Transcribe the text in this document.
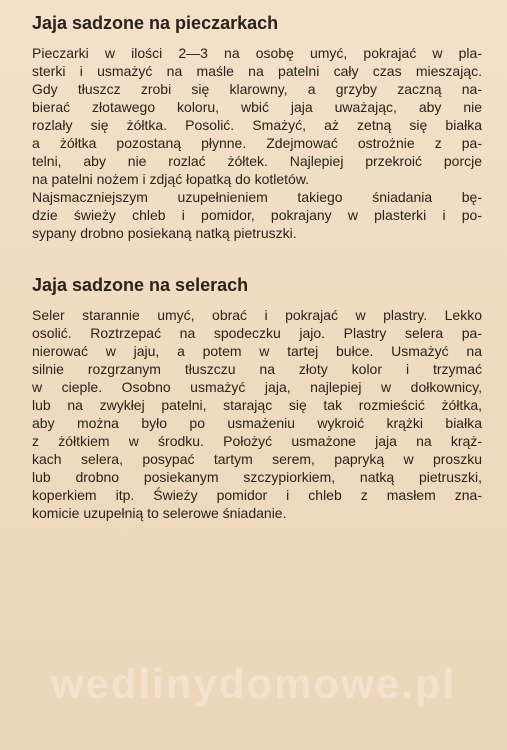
Jaja sadzone na pieczarkach
Pieczarki w ilości 2—3 na osobę umyć, pokrajać w pla-
sterki i usmażyć na maśle na patelni cały czas mieszając.
Gdy tłuszcz zrobi się klarowny, a grzyby zaczną na-
bierać złotawego koloru, wbić jaja uważając, aby nie
rozlały się żółtka. Posolić. Smażyć, aż zetną się białka
a żółtka pozostaną płynne. Zdejmować ostrożnie z pa-
telni, aby nie rozlać żółtek. Najlepiej przekroić porcje
na patelni nożem i zdjąć łopatką do kotletów.
Najsmaczniejszym uzupełnieniem takiego śniadania bę-
dzie świeży chleb i pomidor, pokrajany w plasterki i po-
sypany drobno posiekaną natką pietruszki.
Jaja sadzone na selerach
Seler starannie umyć, obrać i pokrajać w plastry. Lekko
osolić. Roztrzepać na spodeczku jajo. Plastry selera pa-
nierować w jaju, a potem w tartej bułce. Usmażyć na
silnie rozgrzanym tłuszczu na złoty kolor i trzymać
w cieple. Osobno usmażyć jaja, najlepiej w dołkownicy,
lub na zwykłej patelni, starając się tak rozmieścić żółtka,
aby można było po usmażeniu wykroić krążki białka
z żółtkiem w środku. Położyć usmażone jaja na krąż-
kach selera, posypać tartym serem, papryką w proszku
lub drobno posiekanym szczypiorkiem, natką pietruszki,
koperkiem itp. Świeży pomidor i chleb z masłem zna-
komicie uzupełnią to selerowe śniadanie.
wedlinydomowe.pl
